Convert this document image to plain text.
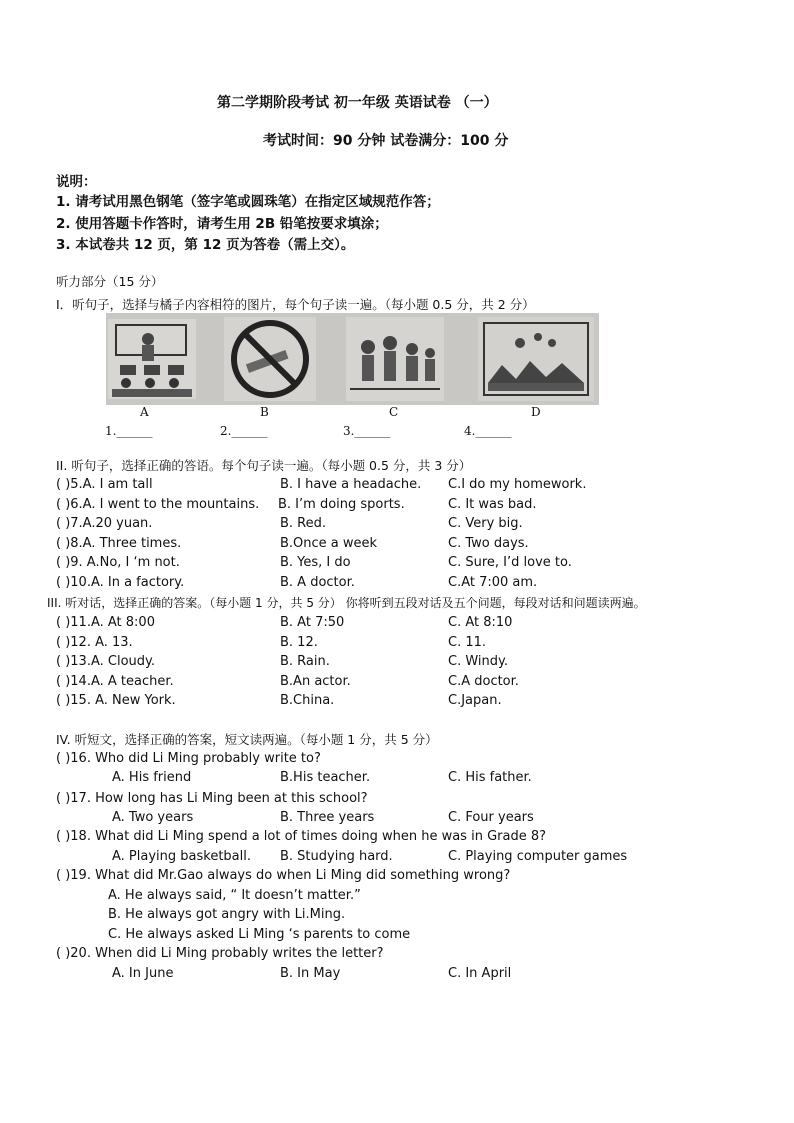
第二学期阶段考试 初一年级 英语试卷 （一）
考试时间：90 分钟 试卷满分：100 分
说明：
1. 请考试用黑色钢笔（签字笔或圆珠笔）在指定区域规范作答；
2. 使用答题卡作答时，请考生用 2B 铅笔按要求填涂；
3. 本试卷共 12 页，第 12 页为答卷（需上交）。
听力部分（15 分）
I．听句子，选择与橘子内容相符的图片，每个句子读一遍。（每小题 0.5 分，共 2 分）
A	B	C	D
1.______	2.______	3.______	4.______
II. 听句子，选择正确的答语。每个句子读一遍。（每小题 0.5 分，共 3 分）
( )5.A. I am tall	B. I have a headache. C.I do my homework.
( )6.A. I went to the mountains. B. I’m doing sports.	C. It was bad.
( )7.A.20 yuan.	B. Red.	C. Very big.
( )8.A. Three times.	B.Once a week	C. Two days.
( )9. A.No, I ‘m not.	B. Yes, I do	C. Sure, I’d love to.
( )10.A. In a factory.	B. A doctor.	C.At 7:00 am.
III. 听对话，选择正确的答案。（每小题 1 分，共 5 分） 你将听到五段对话及五个问题，每段对话和问题读两遍。
( )11.A. At 8:00	B. At 7:50	C. At 8:10
( )12. A. 13.	B. 12.	C. 11.
( )13.A. Cloudy.	B. Rain.	C. Windy.
( )14.A. A teacher.	B.An actor.	C.A doctor.
( )15. A. New York.	B.China.	C.Japan.
IV. 听短文，选择正确的答案，短文读两遍。（每小题 1 分，共 5 分）
( )16. Who did Li Ming probably write to?
A. His friend	B.His teacher.	C. His father.
( )17. How long has Li Ming been at this school?
A. Two years	B. Three years	C. Four years
( )18. What did Li Ming spend a lot of times doing when he was in Grade 8?
A. Playing basketball. B. Studying hard.	C. Playing computer games
( )19. What did Mr.Gao always do when Li Ming did something wrong?
A. He always said, “ It doesn’t matter.”
B. He always got angry with Li.Ming.
C. He always asked Li Ming ‘s parents to come
( )20. When did Li Ming probably writes the letter?
A. In June	B. In May	C. In April
